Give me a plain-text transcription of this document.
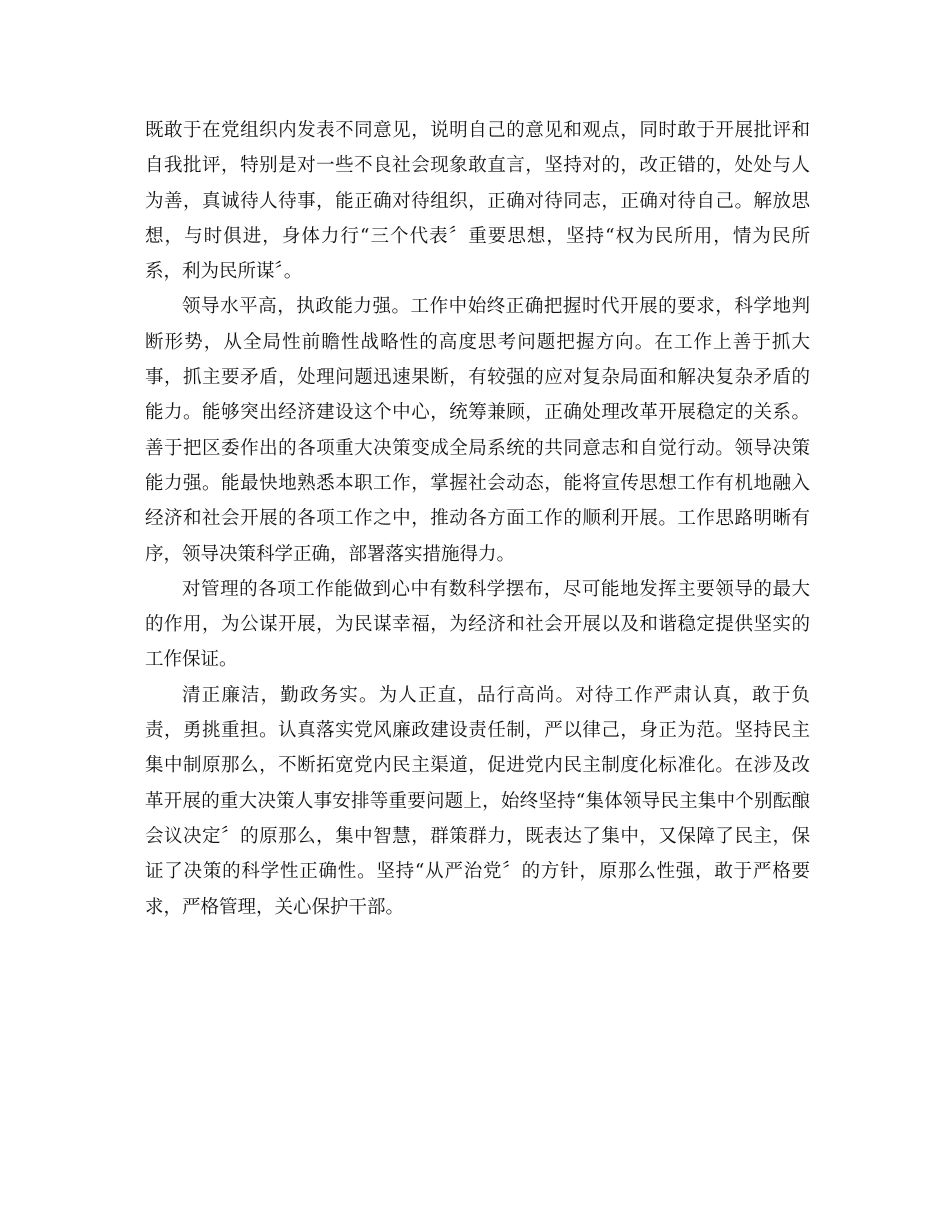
既敢于在党组织内发表不同意见，说明自己的意见和观点，同时敢于开展批评和自我批评，特别是对一些不良社会现象敢直言，坚持对的，改正错的，处处与人为善，真诚待人待事，能正确对待组织，正确对待同志，正确对待自己。解放思想，与时俱进，身体力行“三个代表〞重要思想，坚持“权为民所用，情为民所系，利为民所谋〞。

领导水平高，执政能力强。工作中始终正确把握时代开展的要求，科学地判断形势，从全局性前瞻性战略性的高度思考问题把握方向。在工作上善于抓大事，抓主要矛盾，处理问题迅速果断，有较强的应对复杂局面和解决复杂矛盾的能力。能够突出经济建设这个中心，统筹兼顾，正确处理改革开展稳定的关系。善于把区委作出的各项重大决策变成全局系统的共同意志和自觉行动。领导决策能力强。能最快地熟悉本职工作，掌握社会动态，能将宣传思想工作有机地融入经济和社会开展的各项工作之中，推动各方面工作的顺利开展。工作思路明晰有序，领导决策科学正确，部署落实措施得力。

对管理的各项工作能做到心中有数科学摆布，尽可能地发挥主要领导的最大的作用，为公谋开展，为民谋幸福，为经济和社会开展以及和谐稳定提供坚实的工作保证。

清正廉洁，勤政务实。为人正直，品行高尚。对待工作严肃认真，敢于负责，勇挑重担。认真落实党风廉政建设责任制，严以律己，身正为范。坚持民主集中制原那么，不断拓宽党内民主渠道，促进党内民主制度化标准化。在涉及改革开展的重大决策人事安排等重要问题上，始终坚持“集体领导民主集中个别酝酿会议决定〞的原那么，集中智慧，群策群力，既表达了集中，又保障了民主，保证了决策的科学性正确性。坚持“从严治党〞的方针，原那么性强，敢于严格要求，严格管理，关心保护干部。
